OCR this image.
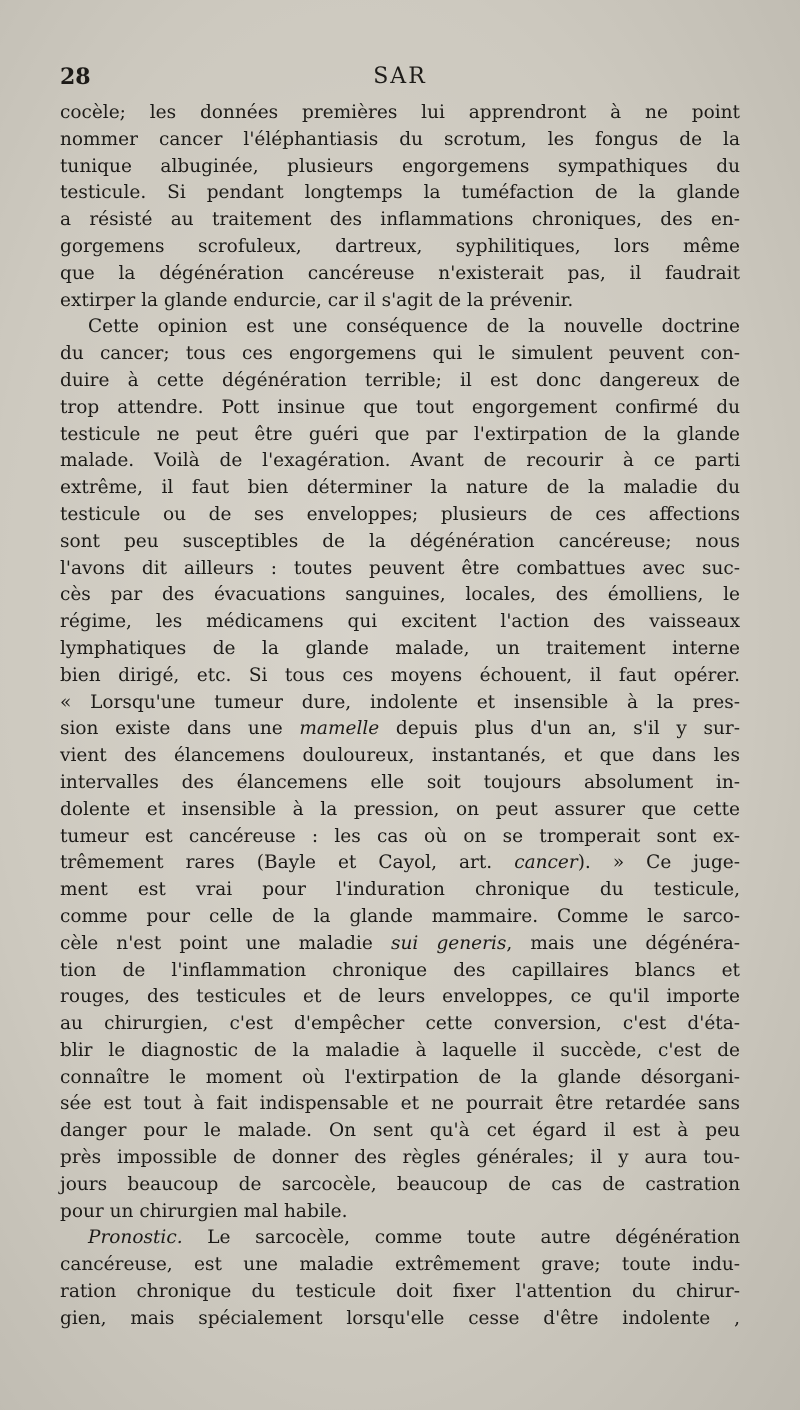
28	SAR
cocèle; les données premières lui apprendront à ne point
nommer cancer l'éléphantiasis du scrotum, les fongus de la
tunique albuginée, plusieurs engorgemens sympathiques du
testicule. Si pendant longtemps la tuméfaction de la glande
a résisté au traitement des inflammations chroniques, des en-
gorgemens scrofuleux, dartreux, syphilitiques, lors même
que la dégénération cancéreuse n'existerait pas, il faudrait
extirper la glande endurcie, car il s'agit de la prévenir.
Cette opinion est une conséquence de la nouvelle doctrine
du cancer; tous ces engorgemens qui le simulent peuvent con-
duire à cette dégénération terrible; il est donc dangereux de
trop attendre. Pott insinue que tout engorgement confirmé du
testicule ne peut être guéri que par l'extirpation de la glande
malade. Voilà de l'exagération. Avant de recourir à ce parti
extrême, il faut bien déterminer la nature de la maladie du
testicule ou de ses enveloppes; plusieurs de ces affections
sont peu susceptibles de la dégénération cancéreuse; nous
l'avons dit ailleurs : toutes peuvent être combattues avec suc-
cès par des évacuations sanguines, locales, des émolliens, le
régime, les médicamens qui excitent l'action des vaisseaux
lymphatiques de la glande malade, un traitement interne
bien dirigé, etc. Si tous ces moyens échouent, il faut opérer.
« Lorsqu'une tumeur dure, indolente et insensible à la pres-
sion existe dans une mamelle depuis plus d'un an, s'il y sur-
vient des élancemens douloureux, instantanés, et que dans les
intervalles des élancemens elle soit toujours absolument in-
dolente et insensible à la pression, on peut assurer que cette
tumeur est cancéreuse : les cas où on se tromperait sont ex-
trêmement rares (Bayle et Cayol, art. cancer). » Ce juge-
ment est vrai pour l'induration chronique du testicule,
comme pour celle de la glande mammaire. Comme le sarco-
cèle n'est point une maladie sui generis, mais une dégénéra-
tion de l'inflammation chronique des capillaires blancs et
rouges, des testicules et de leurs enveloppes, ce qu'il importe
au chirurgien, c'est d'empêcher cette conversion, c'est d'éta-
blir le diagnostic de la maladie à laquelle il succède, c'est de
connaître le moment où l'extirpation de la glande désorgani-
sée est tout à fait indispensable et ne pourrait être retardée sans
danger pour le malade. On sent qu'à cet égard il est à peu
près impossible de donner des règles générales; il y aura tou-
jours beaucoup de sarcocèle, beaucoup de cas de castration
pour un chirurgien mal habile.
Pronostic. Le sarcocèle, comme toute autre dégénération
cancéreuse, est une maladie extrêmement grave; toute indu-
ration chronique du testicule doit fixer l'attention du chirur-
gien, mais spécialement lorsqu'elle cesse d'être indolente ,
